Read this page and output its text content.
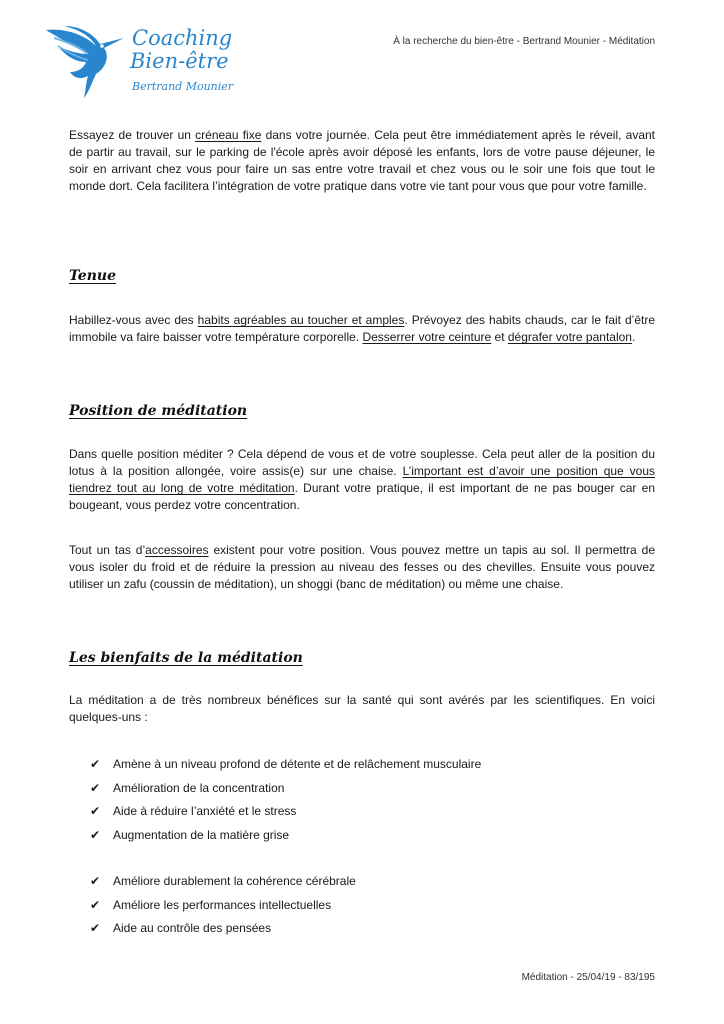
Coaching
Bien-être
Bertrand Mounier
À la recherche du bien-être - Bertrand Mounier - Méditation

Essayez de trouver un créneau fixe dans votre journée. Cela peut être immédiatement après le réveil, avant de partir au travail, sur le parking de l'école après avoir déposé les enfants, lors de votre pause déjeuner, le soir en arrivant chez vous pour faire un sas entre votre travail et chez vous ou le soir une fois que tout le monde dort. Cela facilitera l’intégration de votre pratique dans votre vie tant pour vous que pour votre famille.

Tenue

Habillez-vous avec des habits agréables au toucher et amples. Prévoyez des habits chauds, car le fait d’être immobile va faire baisser votre température corporelle. Desserrer votre ceinture et dégrafer votre pantalon.

Position de méditation

Dans quelle position méditer ? Cela dépend de vous et de votre souplesse. Cela peut aller de la position du lotus à la position allongée, voire assis(e) sur une chaise. L’important est d’avoir une position que vous tiendrez tout au long de votre méditation. Durant votre pratique, il est important de ne pas bouger car en bougeant, vous perdez votre concentration.

Tout un tas d’accessoires existent pour votre position. Vous pouvez mettre un tapis au sol. Il permettra de vous isoler du froid et de réduire la pression au niveau des fesses ou des chevilles. Ensuite vous pouvez utiliser un zafu (coussin de méditation), un shoggi (banc de méditation) ou même une chaise.

Les bienfaits de la méditation

La méditation a de très nombreux bénéfices sur la santé qui sont avérés par les scientifiques. En voici quelques-uns :

✔ Amène à un niveau profond de détente et de relâchement musculaire
✔ Amélioration de la concentration
✔ Aide à réduire l’anxiété et le stress
✔ Augmentation de la matière grise
✔ Améliore durablement la cohérence cérébrale
✔ Améliore les performances intellectuelles
✔ Aide au contrôle des pensées
Méditation - 25/04/19 - 83/195
